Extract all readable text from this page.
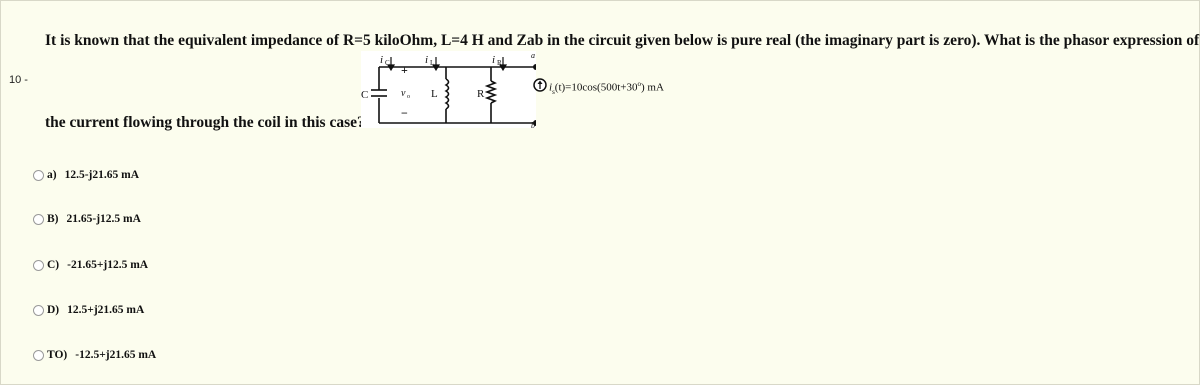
10 -
It is known that the equivalent impedance of R=5 kiloOhm, L=4 H and Zab in the circuit given below is pure real (the imaginary part is zero). What is the phasor expression of
the current flowing through the coil in this case?
i C +
i L	i R
a
b
C	v o L	R
−
$i_s(t)=10\cos(500t+30^o)$ mA
a) 12.5-j21.65 mA
B) 21.65-j12.5 mA
C) -21.65+j12.5 mA
D) 12.5+j21.65 mA
TO) -12.5+j21.65 mA
